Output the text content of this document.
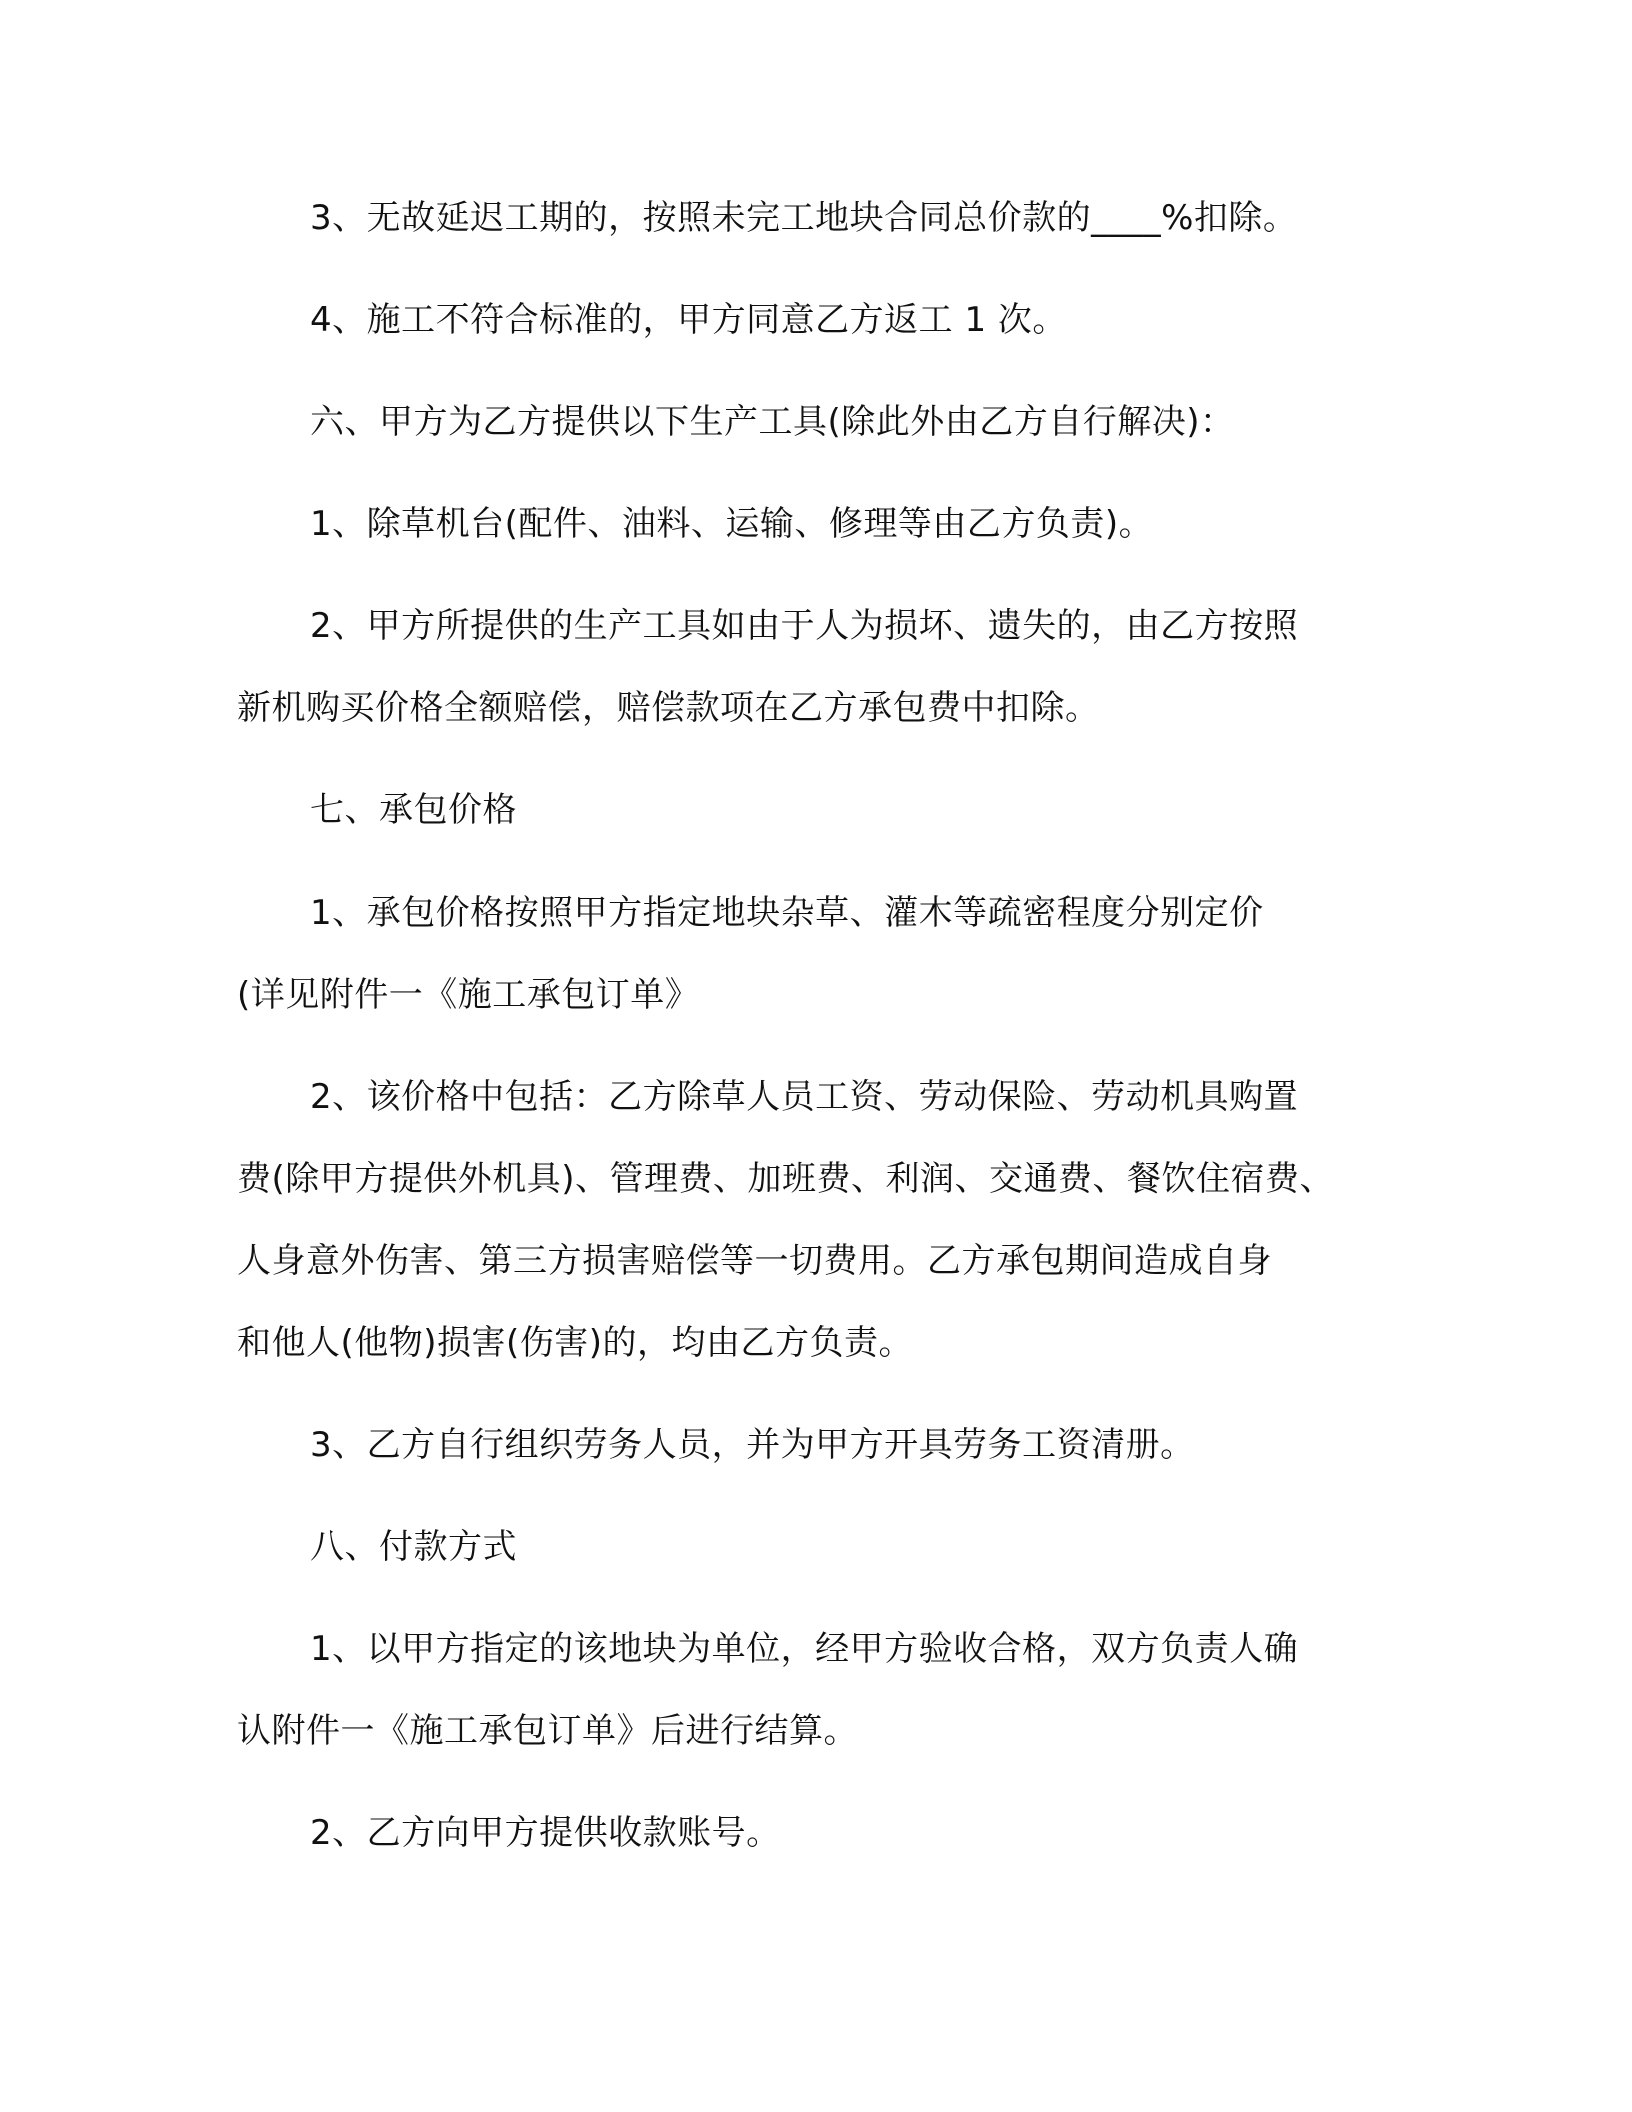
3、无故延迟工期的，按照未完工地块合同总价款的____%扣除。
4、施工不符合标准的，甲方同意乙方返工 1 次。
六、甲方为乙方提供以下生产工具(除此外由乙方自行解决)：
1、除草机台(配件、油料、运输、修理等由乙方负责)。
2、甲方所提供的生产工具如由于人为损坏、遗失的，由乙方按照
新机购买价格全额赔偿，赔偿款项在乙方承包费中扣除。
七、承包价格
1、承包价格按照甲方指定地块杂草、灌木等疏密程度分别定价
(详见附件一《施工承包订单》
2、该价格中包括：乙方除草人员工资、劳动保险、劳动机具购置
费(除甲方提供外机具)、管理费、加班费、利润、交通费、餐饮住宿费、
人身意外伤害、第三方损害赔偿等一切费用。乙方承包期间造成自身
和他人(他物)损害(伤害)的，均由乙方负责。
3、乙方自行组织劳务人员，并为甲方开具劳务工资清册。
八、付款方式
1、以甲方指定的该地块为单位，经甲方验收合格，双方负责人确
认附件一《施工承包订单》后进行结算。
2、乙方向甲方提供收款账号。
